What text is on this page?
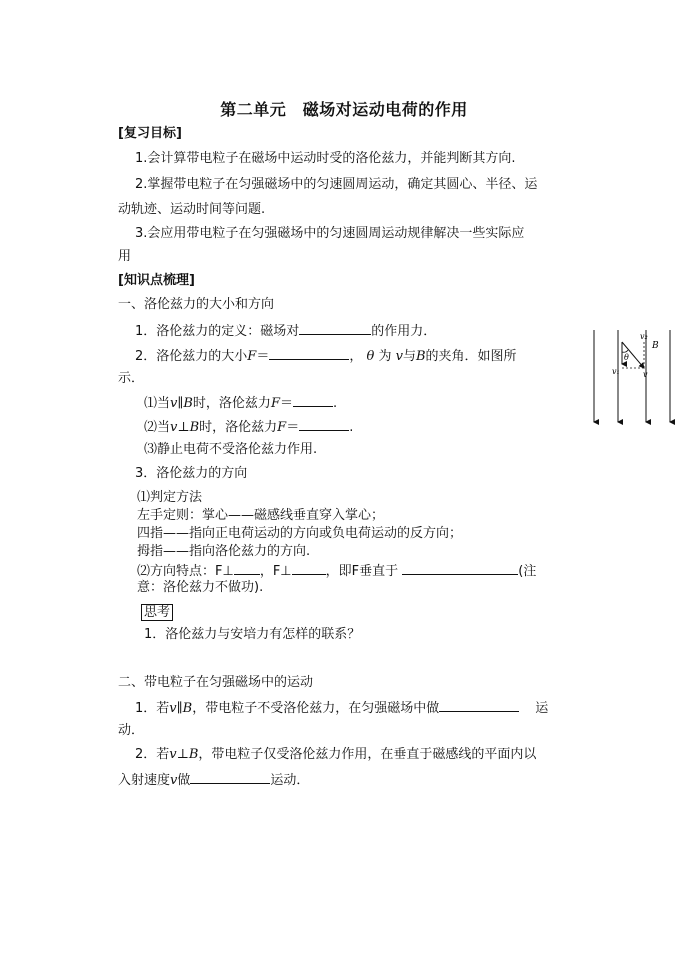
第二单元　磁场对运动电荷的作用
[复习目标]
1.会计算带电粒子在磁场中运动时受的洛伦兹力，并能判断其方向.
2.掌握带电粒子在匀强磁场中的匀速圆周运动，确定其圆心、半径、运
动轨迹、运动时间等问题.
3.会应用带电粒子在匀强磁场中的匀速圆周运动规律解决一些实际应
用
[知识点梳理]
一、洛伦兹力的大小和方向
1．洛伦兹力的定义：磁场对	的作用力．
2．洛伦兹力的大小F＝	， θ 为 v与B的夹角．如图所
示．
⑴当v∥B时，洛伦兹力F＝	.
⑵当v⊥B时，洛伦兹力F＝	.
⑶静止电荷不受洛伦兹力作用.
3．洛伦兹力的方向
⑴判定方法
左手定则：掌心——磁感线垂直穿入掌心；
四指——指向正电荷运动的方向或负电荷运动的反方向；
拇指——指向洛伦兹力的方向.
⑵方向特点：F⊥ ，F⊥	，即F垂直于	(注
意：洛伦兹力不做功).
思考
1．洛伦兹力与安培力有怎样的联系？
二、带电粒子在匀强磁场中的运动
1．若v∥B，带电粒子不受洛伦兹力，在匀强磁场中做	运
动．
2．若v⊥B，带电粒子仅受洛伦兹力作用，在垂直于磁感线的平面内以
入射速度v做	运动．
v₂
B
θ
v₁	v
